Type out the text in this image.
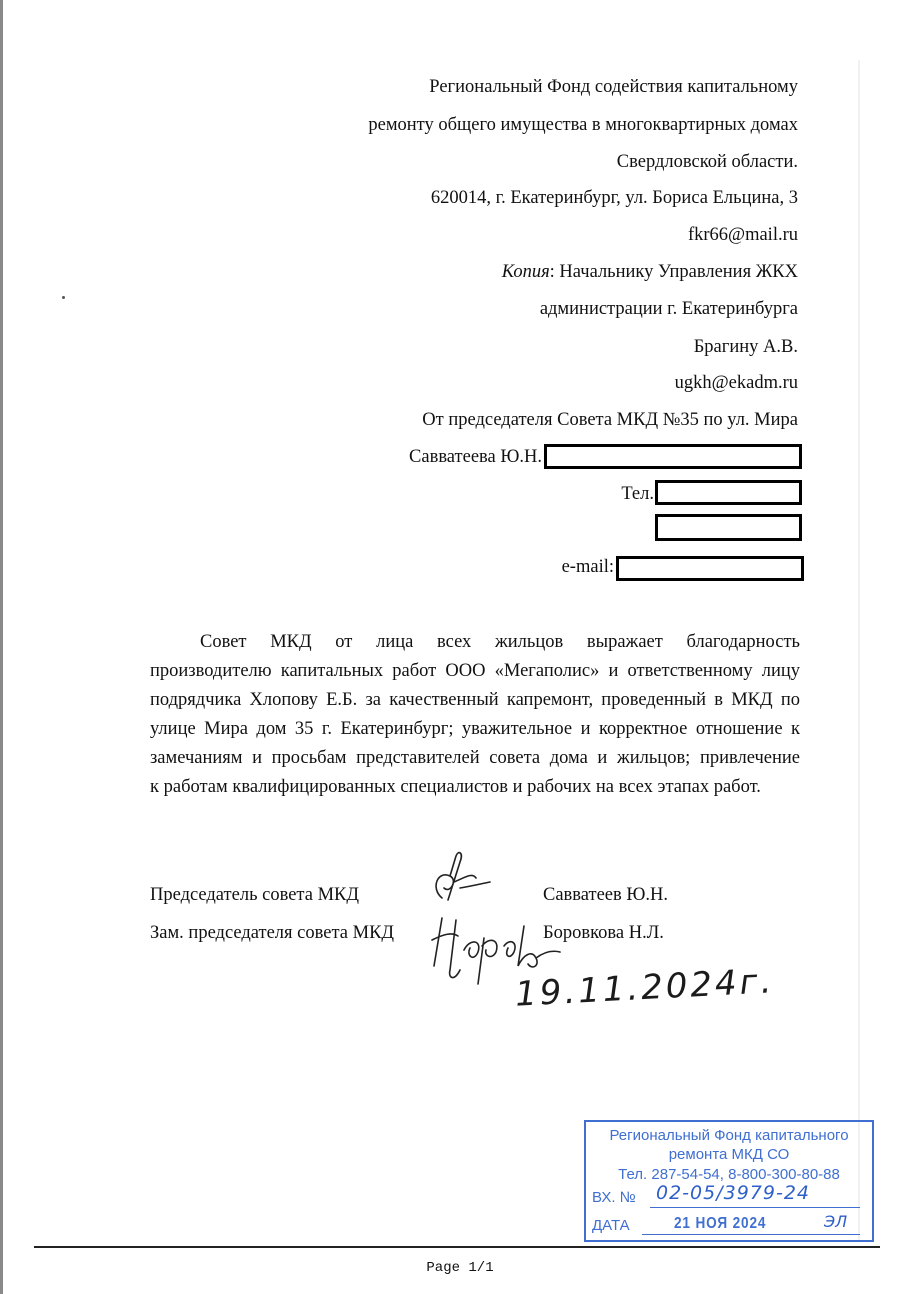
Региональный Фонд содействия капитальному
ремонту общего имущества в многоквартирных домах
Свердловской области.
620014, г. Екатеринбург, ул. Бориса Ельцина, 3
fkr66@mail.ru
Копия: Начальнику Управления ЖКХ
администрации г. Екатеринбурга
Брагину А.В.
ugkh@ekadm.ru
От председателя Совета МКД №35 по ул. Мира
Савватеева Ю.Н.
Тел.
e-mail:
Совет МКД от лица всех жильцов выражает благодарность
производителю капитальных работ ООО «Мегаполис» и ответственному лицу
подрядчика Хлопову Е.Б. за качественный капремонт, проведенный в МКД по
улице Мира дом 35 г. Екатеринбург; уважительное и корректное отношение к
замечаниям и просьбам представителей совета дома и жильцов; привлечение
к работам квалифицированных специалистов и рабочих на всех этапах работ.
Председатель совета МКД	Савватеев Ю.Н.
Зам. председателя совета МКД	Боровкова Н.Л.
19.11.2024г.
Региональный Фонд капитального
ремонта МКД СО
Тел. 287-54-54, 8-800-300-80-88
ВХ. № 02-05/3979-24
ДАТА	21 НОЯ 2024	ЭЛ
Page 1/1
